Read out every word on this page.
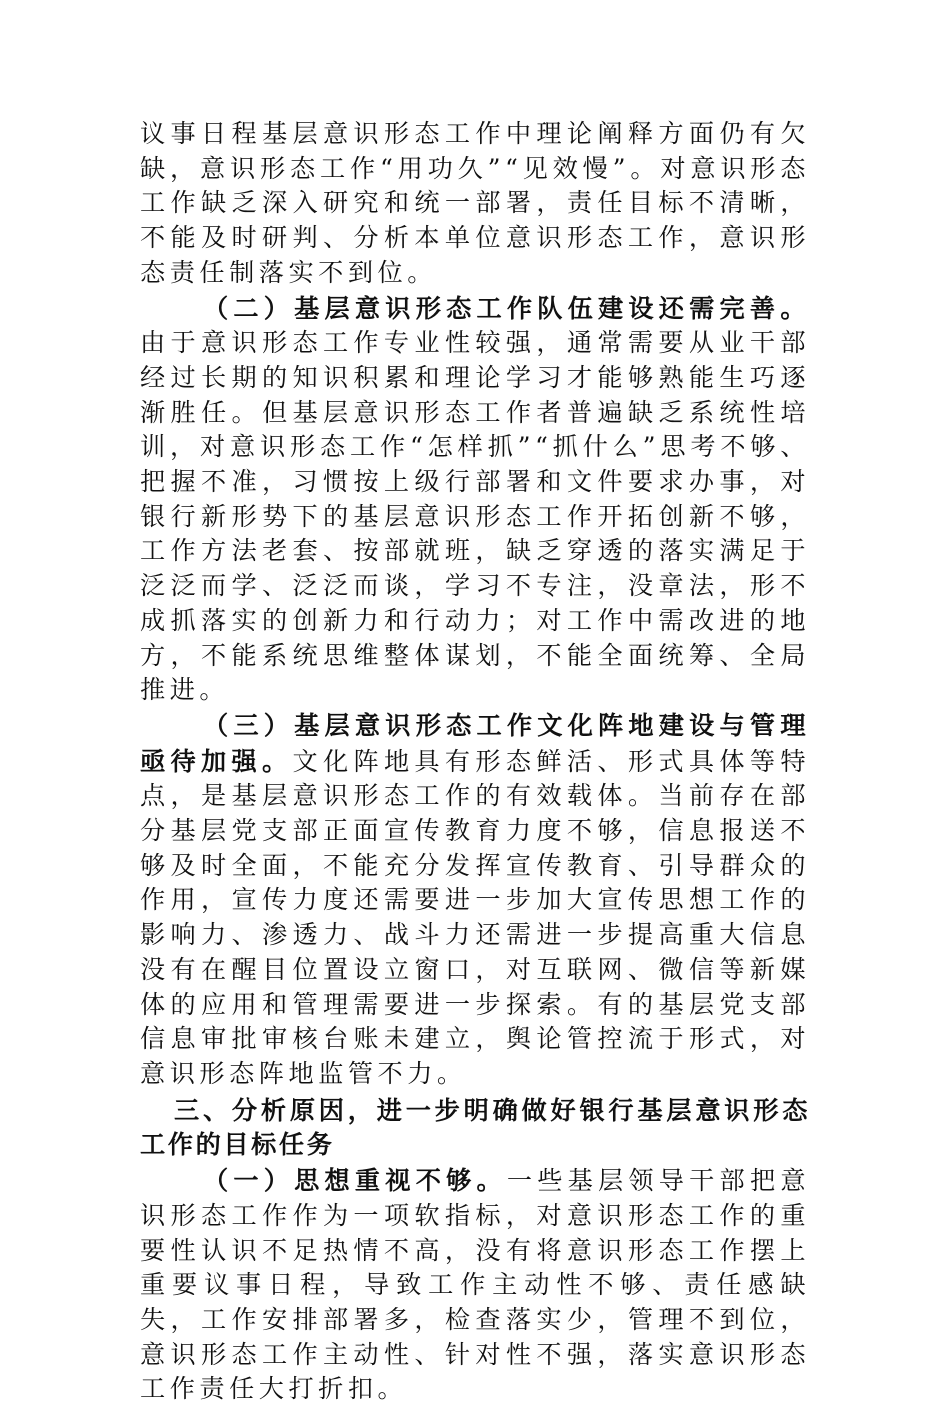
议事日程基层意识形态工作中理论阐释方面仍有欠缺，意识形态工作“用功久”“见效慢”。对意识形态工作缺乏深入研究和统一部署，责任目标不清晰，不能及时研判、分析本单位意识形态工作，意识形态责任制落实不到位。

（二）基层意识形态工作队伍建设还需完善。由于意识形态工作专业性较强，通常需要从业干部经过长期的知识积累和理论学习才能够熟能生巧逐渐胜任。但基层意识形态工作者普遍缺乏系统性培训，对意识形态工作“怎样抓”“抓什么”思考不够、把握不准，习惯按上级行部署和文件要求办事，对银行新形势下的基层意识形态工作开拓创新不够，工作方法老套、按部就班，缺乏穿透的落实满足于泛泛而学、泛泛而谈，学习不专注，没章法，形不成抓落实的创新力和行动力；对工作中需改进的地方，不能系统思维整体谋划，不能全面统筹、全局推进。

（三）基层意识形态工作文化阵地建设与管理亟待加强。文化阵地具有形态鲜活、形式具体等特点，是基层意识形态工作的有效载体。当前存在部分基层党支部正面宣传教育力度不够，信息报送不够及时全面，不能充分发挥宣传教育、引导群众的作用，宣传力度还需要进一步加大宣传思想工作的影响力、渗透力、战斗力还需进一步提高重大信息没有在醒目位置设立窗口，对互联网、微信等新媒体的应用和管理需要进一步探索。有的基层党支部信息审批审核台账未建立，舆论管控流于形式，对意识形态阵地监管不力。

三、分析原因，进一步明确做好银行基层意识形态工作的目标任务

（一）思想重视不够。一些基层领导干部把意识形态工作作为一项软指标，对意识形态工作的重要性认识不足热情不高，没有将意识形态工作摆上重要议事日程，导致工作主动性不够、责任感缺失，工作安排部署多，检查落实少，管理不到位，意识形态工作主动性、针对性不强，落实意识形态工作责任大打折扣。
